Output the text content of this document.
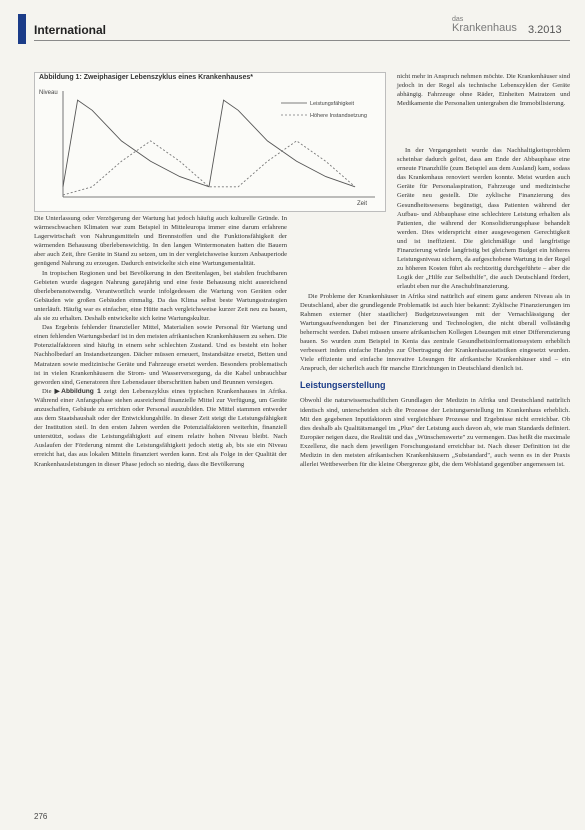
International
das
Krankenhaus 3.2013
Abbildung 1: Zweiphasiger Lebenszyklus eines Krankenhauses*
Niveau
Zeit
Leistungsfähigkeit
Höhere Instandsetzung

Die Unterlassung oder Verzögerung der Wartung hat jedoch häufig auch kulturelle Gründe. In wärmeschwachen Klimaten war zum Beispiel in Mitteleuropa immer eine darum erfahrene Lagerwirtschaft von Nahrungsmitteln und Brennstoffen und die Funktionsfähigkeit der wärmenden Behausung überlebenswichtig. In den langen Wintermonaten hatten die Bauern aber auch Zeit, ihre Geräte in Stand zu setzen, um in der vergleichsweise kurzen Anbauperiode genügend Nahrung zu erzeugen. Dadurch entwickelte sich eine Wartungsmentalität.

In tropischen Regionen und bei Bevölkerung in den Breitenlagen, bei stabilen fruchtbaren Gebieten wurde dagegen Nahrung ganzjährig und eine feste Behausung nicht ausreichend überlebensnotwendig. Verantwortlich wurde infolgedessen die Wartung von Geräten oder Gebäuden wie großen Gebäuden einmalig. Da das Klima selbst beste Wartungsstrategien unterläuft. Häufig war es einfacher, eine Hütte nach vergleichsweise kurzer Zeit neu zu bauen, als sie zu erhalten. Deshalb entwickelte sich keine Wartungskultur.

Das Ergebnis fehlender finanzieller Mittel, Materialien sowie Personal für Wartung und einen fehlenden Wartungsbedarf ist in den meisten afrikanischen Krankenhäusern zu sehen. Die Potenzialfaktoren sind häufig in einem sehr schlechten Zustand. Und es besteht ein hoher Nachholbedarf an Instandsetzungen. Dächer müssen erneuert, Instandsätze ersetzt, Betten und Matratzen sowie medizinische Geräte und Fahrzeuge ersetzt werden. Besonders problematisch ist in vielen Krankenhäusern die Strom- und Wasserversorgung, da die Kabel unbrauchbar geworden sind, Generatoren ihre Lebensdauer überschritten haben und Brunnen versiegen.

Die ▶Abbildung 1 zeigt den Lebenszyklus eines typischen Krankenhauses in Afrika. Während einer Anfangsphase stehen ausreichend finanzielle Mittel zur Verfügung, um Geräte anzuschaffen, Gebäude zu errichten oder Personal auszubilden. Die Mittel stammen entweder aus dem Staatshaushalt oder der Entwicklungshilfe. In dieser Zeit steigt die Leistungsfähigkeit der Institution steil. In den ersten Jahren werden die Potenzialfaktoren weiterhin, finanziell unterstützt, sodass die Leistungsfähigkeit auf einem relativ hohen Niveau bleibt. Nach Auslaufen der Förderung nimmt die Leistungsfähigkeit jedoch stetig ab, bis sie ein Niveau erreicht hat, das aus lokalen Mitteln finanziert werden kann. Erst als Folge in der Qualität der Krankenhausleistungen in dieser Phase jedoch so niedrig, dass die Bevölkerung

nicht mehr in Anspruch nehmen möchte. Die Krankenhäuser sind jedoch in der Regel als technische Lebenszyklen der Geräte abhängig. Fahrzeuge ohne Räder, Einheiten Matratzen und Medikamente die Personalien untergraben die Immobilisierung.

In der Vergangenheit wurde das Nachhaltigkeitsproblem scheinbar dadurch gelöst, dass am Ende der Abbauphase eine erneute Finanzhilfe (zum Beispiel aus dem Ausland) kam, sodass das Krankenhaus renoviert werden konnte. Meist wurden auch Geräte für Personalaspiration, Fahrzeuge und medizinische Geräte neu gestellt. Die zyklische Finanzierung des Gesundheitswesens begünstigt, dass Patienten während der Aufbau- und Abbauphase eine schlechtere Leistung erhalten als Patienten, die während der Konsolidierungsphase behandelt werden. Dies widerspricht einer ausgewogenen Gerechtigkeit und ist ineffizient. Die gleichmäßige und langfristige Finanzierung würde langfristig bei gleichem Budget ein höheres Leistungsniveau sichern, da aufgeschobene Wartung in der Regel zu höheren Kosten führt als rechtzeitig durchgeführte – aber die Logik der „Hilfe zur Selbsthilfe", die auch Deutschland fördert, erlaubt eben nur die Anschubfinanzierung.

Die Probleme der Krankenhäuser in Afrika sind natürlich auf einem ganz anderen Niveau als in Deutschland, aber die grundlegende Problematik ist auch hier bekannt: Zyklische Finanzierungen im Rahmen externer (hier staatlicher) Budgetzuweisungen mit der Vernachlässigung der Wartungsaufwendungen bei der Finanzierung und Technologien, die nicht überall vollständig beherrscht werden. Dabei müssen unsere afrikanischen Kollegen Lösungen mit einer Differenzierung bauen. So wurden zum Beispiel in Kenia das zentrale Gesundheitsinformationssystem erheblich verbessert indem einfache Handys zur Übertragung der Krankenhausstatistiken eingesetzt wurden. Viele effiziente und einfache innovative Lösungen für afrikanische Krankenhäuser sind – ein Anspruch, der sicherlich auch für manche Einrichtungen in Deutschland dienlich ist.

Leistungserstellung

Obwohl die naturwissenschaftlichen Grundlagen der Medizin in Afrika und Deutschland natürlich identisch sind, unterscheiden sich die Prozesse der Leistungserstellung im Krankenhaus erheblich. Mit den gegebenen Inputfaktoren sind vergleichbare Prozesse und Ergebnisse nicht erreichbar. Ob dies deshalb als Qualitätsmangel im „Plus" der Leistung auch davon ab, wie man Standards definiert. Europäer neigen dazu, die Realität und das „Wünschenswerte" zu vermengen. Das heißt die maximale Exzellenz, die nach dem jeweiligen Forschungsstand erreichbar ist. Nach dieser Definition ist die Medizin in den meisten afrikanischen Krankenhäusern „Substandard", auch wenn es in der Praxis allerlei Wettbewerben für die kleine Obergrenze gibt, die dem Wohlstand gegenüber angemessen ist.

276
